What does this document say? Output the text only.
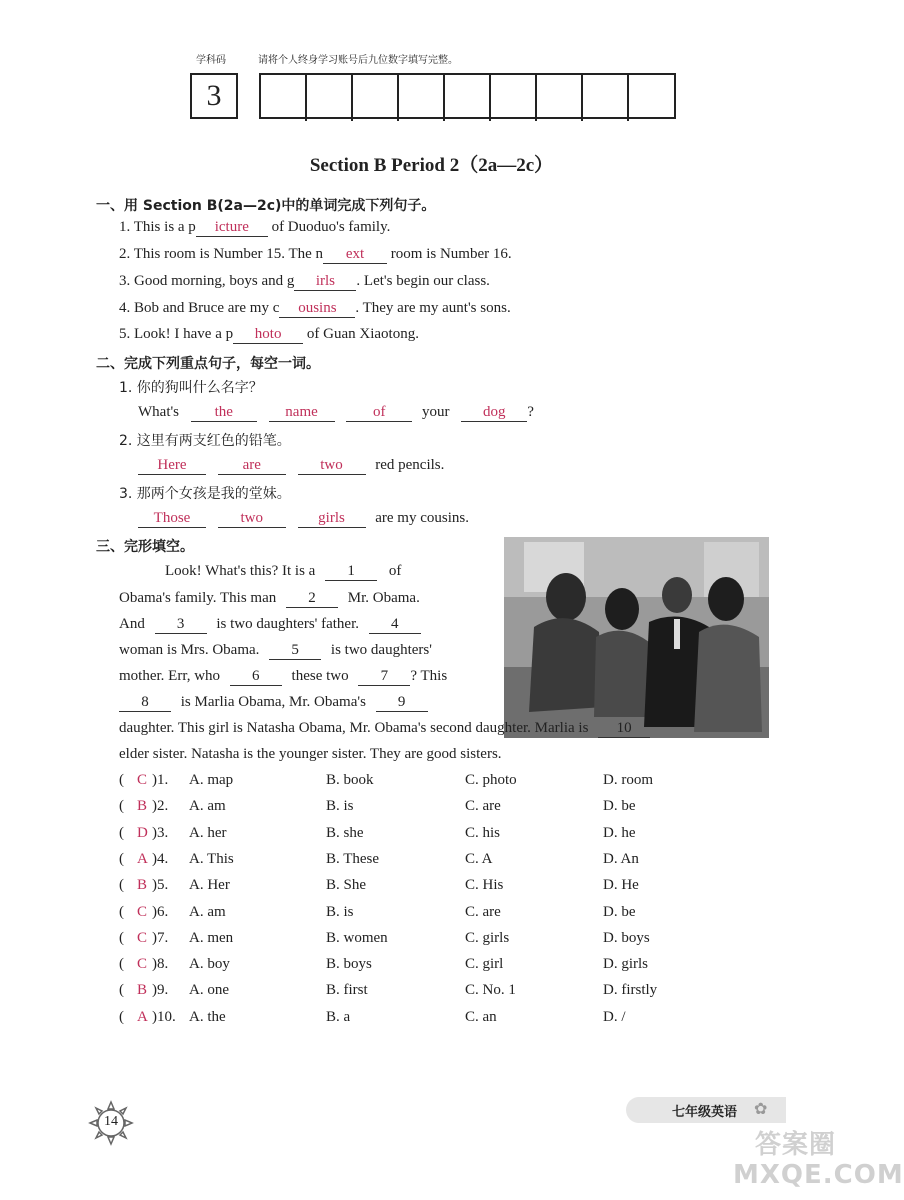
学科码	请将个人终身学习账号后九位数字填写完整。
3
Section B Period 2（2a—2c）
一、用 Section B(2a—2c)中的单词完成下列句子。
1. This is a p icture of Duoduo's family.
2. This room is Number 15. The n ext room is Number 16.
3. Good morning, boys and g irls . Let's begin our class.
4. Bob and Bruce are my c ousins . They are my aunt's sons.
5. Look! I have a p hoto of Guan Xiaotong.
二、完成下列重点句子，每空一词。
1. 你的狗叫什么名字？
What's the	name	of your dog ?
2. 这里有两支红色的铅笔。
Here	are	two red pencils.
3. 那两个女孩是我的堂妹。
Those	two	girls are my cousins.
三、完形填空。
Look! What's this? It is a 1 of
Obama's family. This man 2 Mr. Obama.
And 3 is two daughters' father. 4
woman is Mrs. Obama. 5 is two daughters'
mother. Err, who 6 these two 7 ? This
8 is Marlia Obama, Mr. Obama's 9
daughter. This girl is Natasha Obama, Mr. Obama's second daughter. Marlia is 10
elder sister. Natasha is the younger sister. They are good sisters.
( C )1. A. map	B. book	C. photo	D. room
( B )2. A. am	B. is	C. are	D. be
( D )3. A. her	B. she	C. his	D. he
( A )4. A. This	B. These	C. A	D. An
( B )5. A. Her	B. She	C. His	D. He
( C )6. A. am	B. is	C. are	D. be
( C )7. A. men	B. women	C. girls	D. boys
( C )8. A. boy	B. boys	C. girl	D. girls
( B )9. A. one	B. first	C. No. 1	D. firstly
( A )10. A. the	B. a	C. an	D. /
14
七年级英语 ✿
答案圈 MXQE.COM
